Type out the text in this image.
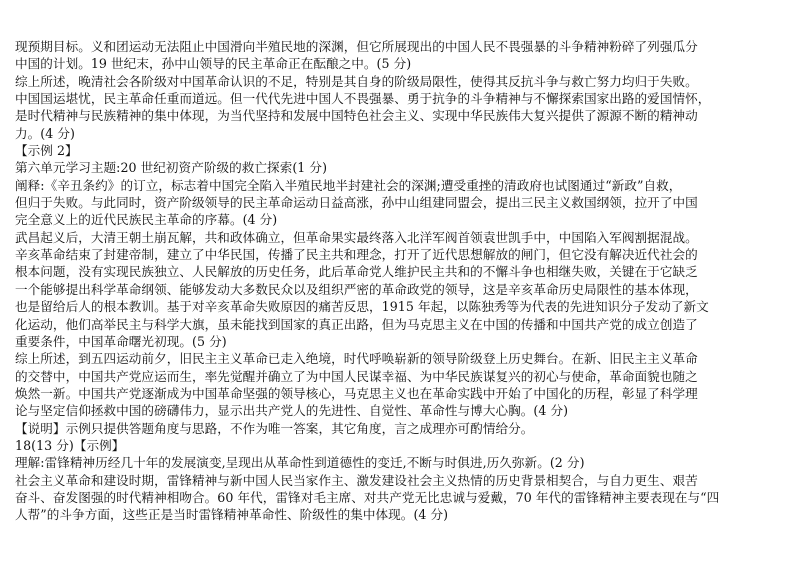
现预期目标。义和团运动无法阻止中国滑向半殖民地的深渊，但它所展现出的中国人民不畏强暴的斗争精神粉碎了列强瓜分
中国的计划。19 世纪末，孙中山领导的民主革命正在酝酿之中。(5 分)
综上所述，晚清社会各阶级对中国革命认识的不足，特别是其自身的阶级局限性，使得其反抗斗争与救亡努力均归于失败。
中国国运堪忧，民主革命任重而道远。但一代代先进中国人不畏强暴、勇于抗争的斗争精神与不懈探索国家出路的爱国情怀，
是时代精神与民族精神的集中体现，为当代坚持和发展中国特色社会主义、实现中华民族伟大复兴提供了源源不断的精神动
力。(4 分)
【示例 2】
第六单元学习主题:20 世纪初资产阶级的救亡探索(1 分)
阐释:《辛丑条约》的订立，标志着中国完全陷入半殖民地半封建社会的深渊;遭受重挫的清政府也试图通过“新政”自救，
但归于失败。与此同时，资产阶级领导的民主革命运动日益高涨，孙中山组建同盟会，提出三民主义救国纲领，拉开了中国
完全意义上的近代民族民主革命的序幕。(4 分)
武昌起义后，大清王朝土崩瓦解，共和政体确立，但革命果实最终落入北洋军阀首领袁世凯手中，中国陷入军阀割据混战。
辛亥革命结束了封建帝制，建立了中华民国，传播了民主共和理念，打开了近代思想解放的闸门，但它没有解决近代社会的
根本问题，没有实现民族独立、人民解放的历史任务，此后革命党人维护民主共和的不懈斗争也相继失败，关键在于它缺乏
一个能够提出科学革命纲领、能够发动大多数民众以及组织严密的革命政党的领导，这是辛亥革命历史局限性的基本体现，
也是留给后人的根本教训。基于对辛亥革命失败原因的痛苦反思，1915 年起，以陈独秀等为代表的先进知识分子发动了新文
化运动，他们高举民主与科学大旗，虽未能找到国家的真正出路，但为马克思主义在中国的传播和中国共产党的成立创造了
重要条件，中国革命曙光初现。(5 分)
综上所述，到五四运动前夕，旧民主主义革命已走入绝境，时代呼唤崭新的领导阶级登上历史舞台。在新、旧民主主义革命
的交替中，中国共产党应运而生，率先觉醒并确立了为中国人民谋幸福、为中华民族谋复兴的初心与使命，革命面貌也随之
焕然一新。中国共产党逐渐成为中国革命坚强的领导核心，马克思主义也在革命实践中开始了中国化的历程，彰显了科学理
论与坚定信仰拯救中国的磅礴伟力，显示出共产党人的先进性、自觉性、革命性与博大心胸。(4 分)
【说明】示例只提供答题角度与思路，不作为唯一答案，其它角度，言之成理亦可酌情给分。
18(13 分)【示例】
理解:雷锋精神历经几十年的发展演变,呈现出从革命性到道德性的变迁,不断与时俱进,历久弥新。(2 分)
社会主义革命和建设时期，雷锋精神与新中国人民当家作主、激发建设社会主义热情的历史背景相契合，与自力更生、艰苦
奋斗、奋发图强的时代精神相吻合。60 年代，雷锋对毛主席、对共产党无比忠诚与爱戴，70 年代的雷锋精神主要表现在与“四
人帮”的斗争方面，这些正是当时雷锋精神革命性、阶级性的集中体现。(4 分)
